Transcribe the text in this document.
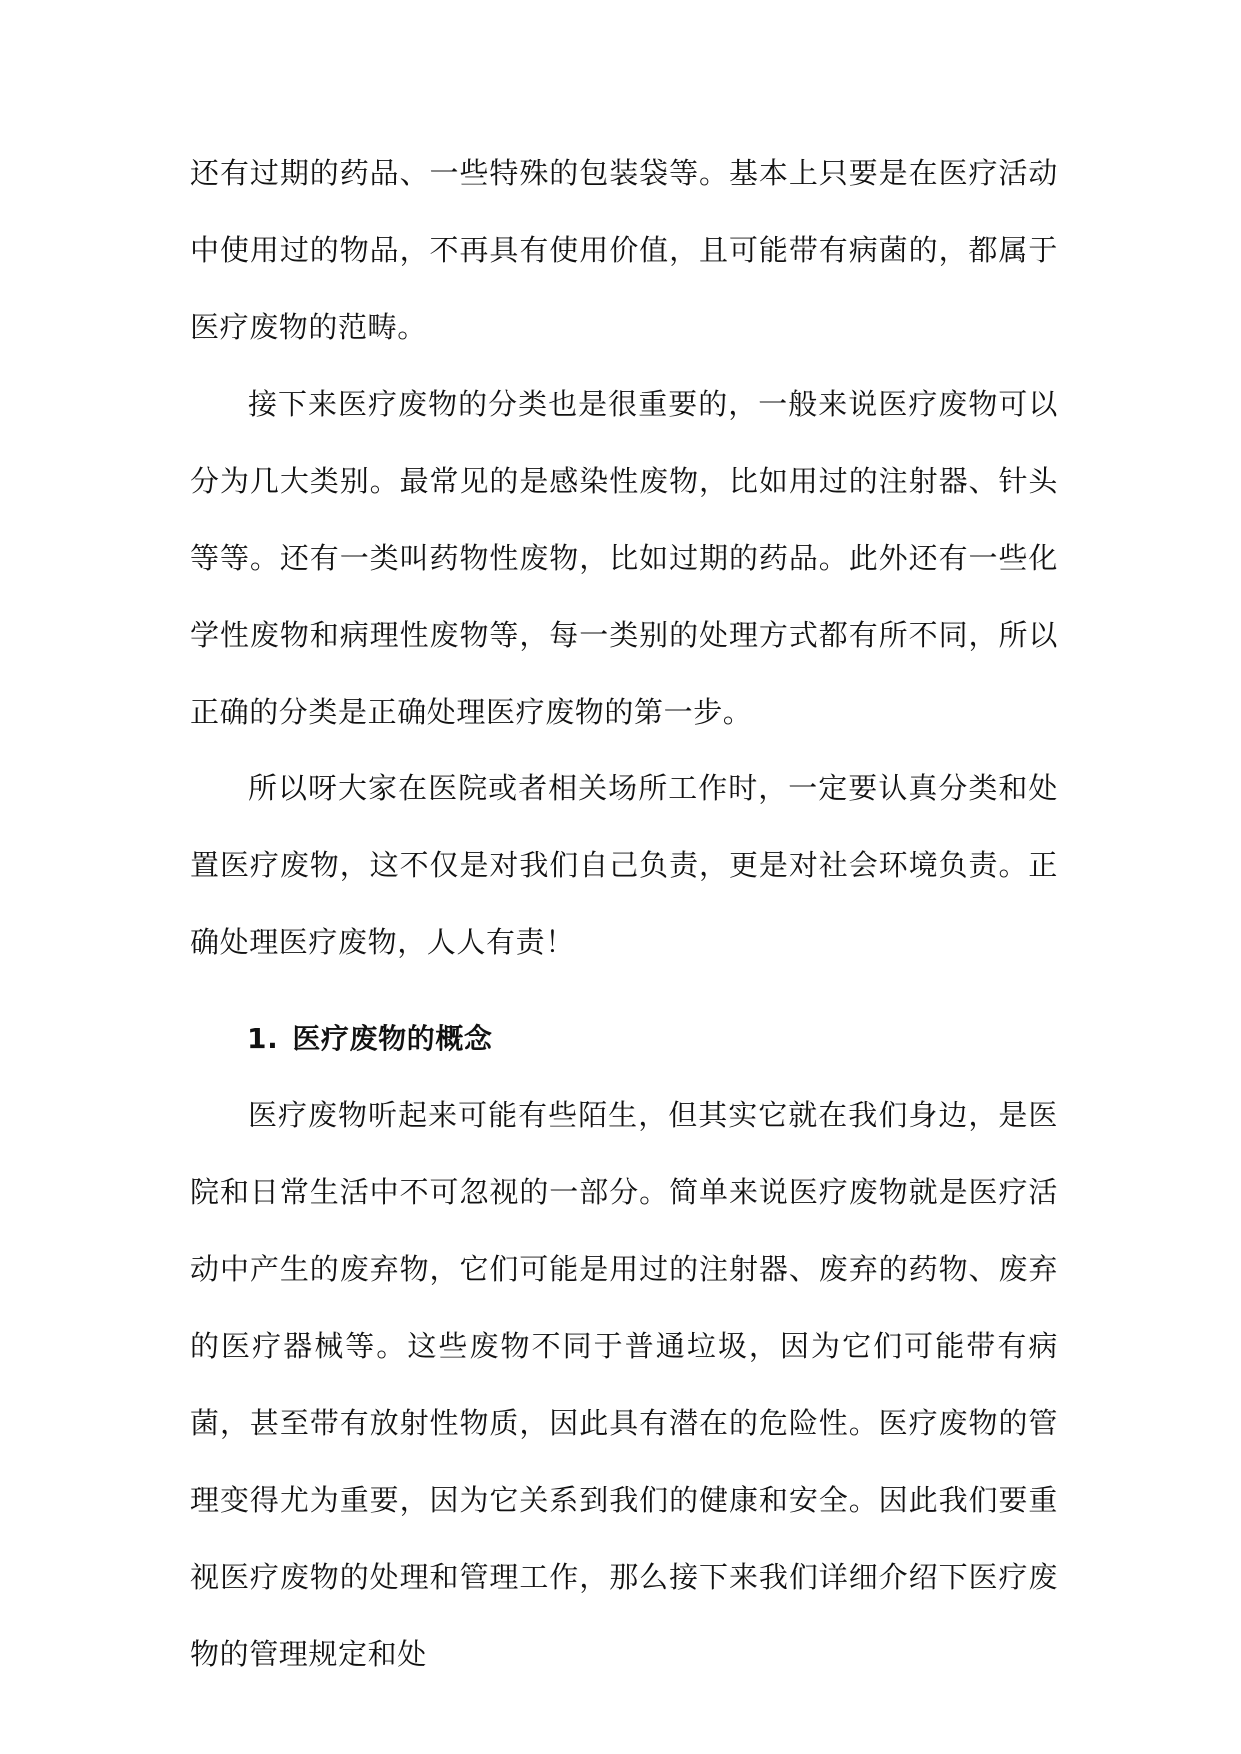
还有过期的药品、一些特殊的包装袋等。基本上只要是在医疗活动中使用过的物品，不再具有使用价值，且可能带有病菌的，都属于医疗废物的范畴。

接下来医疗废物的分类也是很重要的，一般来说医疗废物可以分为几大类别。最常见的是感染性废物，比如用过的注射器、针头等等。还有一类叫药物性废物，比如过期的药品。此外还有一些化学性废物和病理性废物等，每一类别的处理方式都有所不同，所以正确的分类是正确处理医疗废物的第一步。

所以呀大家在医院或者相关场所工作时，一定要认真分类和处置医疗废物，这不仅是对我们自己负责，更是对社会环境负责。正确处理医疗废物，人人有责！

1. 医疗废物的概念

医疗废物听起来可能有些陌生，但其实它就在我们身边，是医院和日常生活中不可忽视的一部分。简单来说医疗废物就是医疗活动中产生的废弃物，它们可能是用过的注射器、废弃的药物、废弃的医疗器械等。这些废物不同于普通垃圾，因为它们可能带有病菌，甚至带有放射性物质，因此具有潜在的危险性。医疗废物的管理变得尤为重要，因为它关系到我们的健康和安全。因此我们要重视医疗废物的处理和管理工作，那么接下来我们详细介绍下医疗废物的管理规定和处
